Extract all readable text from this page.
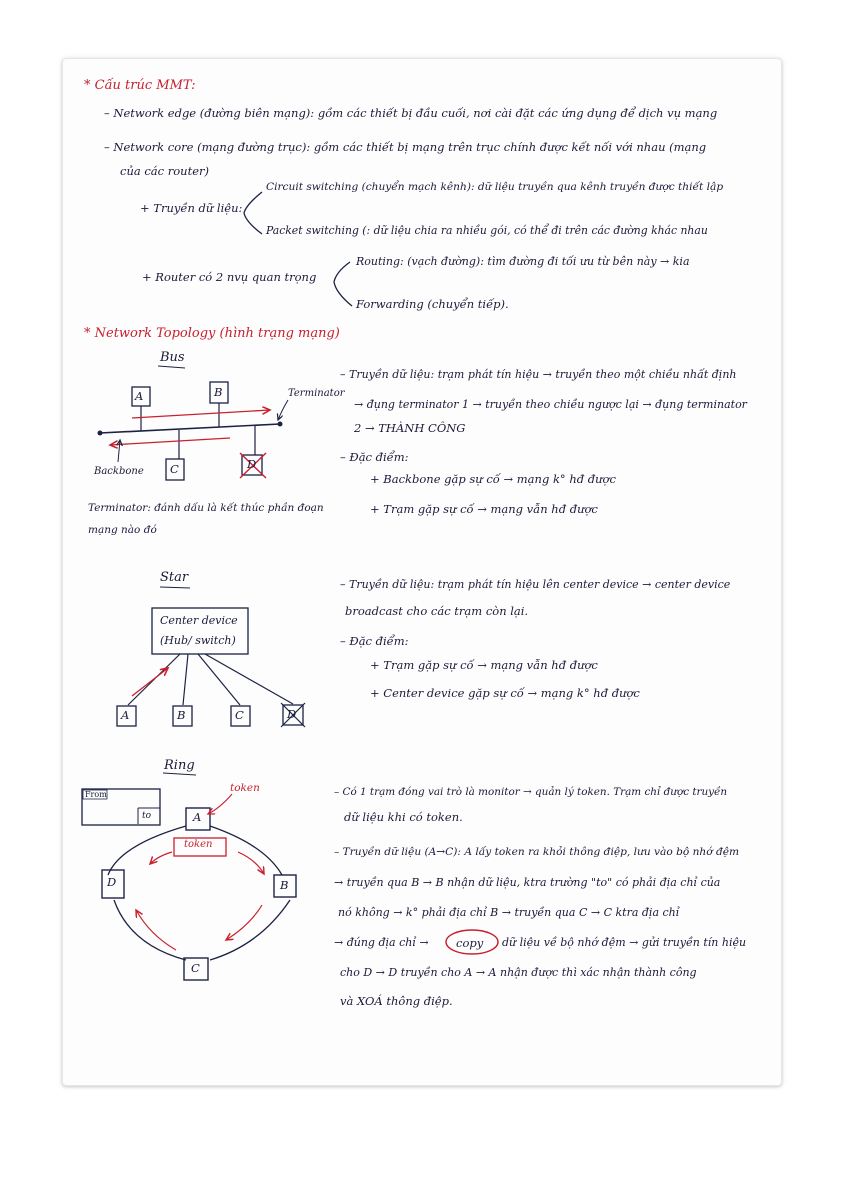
* Cấu trúc MMT:
– Network edge (đường biên mạng): gồm các thiết bị đầu cuối, nơi cài đặt các ứng dụng để dịch vụ mạng
– Network core (mạng đường trục): gồm các thiết bị mạng trên trục chính được kết nối với nhau (mạng
của các router)
+ Truyền dữ liệu:
Circuit switching (chuyển mạch kênh): dữ liệu truyền qua kênh truyền được thiết lập
Packet switching (: dữ liệu chia ra nhiều gói, có thể đi trên các đường khác nhau
+ Router có 2 nvụ quan trọng
Routing: (vạch đường): tìm đường đi tối ưu từ bên này → kia
Forwarding (chuyển tiếp).
* Network Topology (hình trạng mạng)
Bus
A	B
C	D
Terminator
Backbone
Terminator: đánh dấu là kết thúc phần đoạn
mạng nào đó
– Truyền dữ liệu: trạm phát tín hiệu → truyền theo một chiều nhất định
→ đụng terminator 1 → truyền theo chiều ngược lại → đụng terminator
2 → THÀNH CÔNG
– Đặc điểm:
+ Backbone gặp sự cố → mạng k° hđ được
+ Trạm gặp sự cố → mạng vẫn hđ được
Star
Center device
(Hub/ switch)
A	B	C	D
– Truyền dữ liệu: trạm phát tín hiệu lên center device → center device
broadcast cho các trạm còn lại.
– Đặc điểm:
+ Trạm gặp sự cố → mạng vẫn hđ được
+ Center device gặp sự cố → mạng k° hđ được
Ring
token
From
to
token
A
B
C
D
– Có 1 trạm đóng vai trò là monitor → quản lý token. Trạm chỉ được truyền
dữ liệu khi có token.
– Truyền dữ liệu (A→C): A lấy token ra khỏi thông điệp, lưu vào bộ nhớ đệm
→ truyền qua B → B nhận dữ liệu, ktra trường "to" có phải địa chỉ của
nó không → k° phải địa chỉ B → truyền qua C → C ktra địa chỉ
→ đúng địa chỉ → copy dữ liệu về bộ nhớ đệm → gửi truyền tín hiệu
cho D → D truyền cho A → A nhận được thì xác nhận thành công
và XOÁ thông điệp.
